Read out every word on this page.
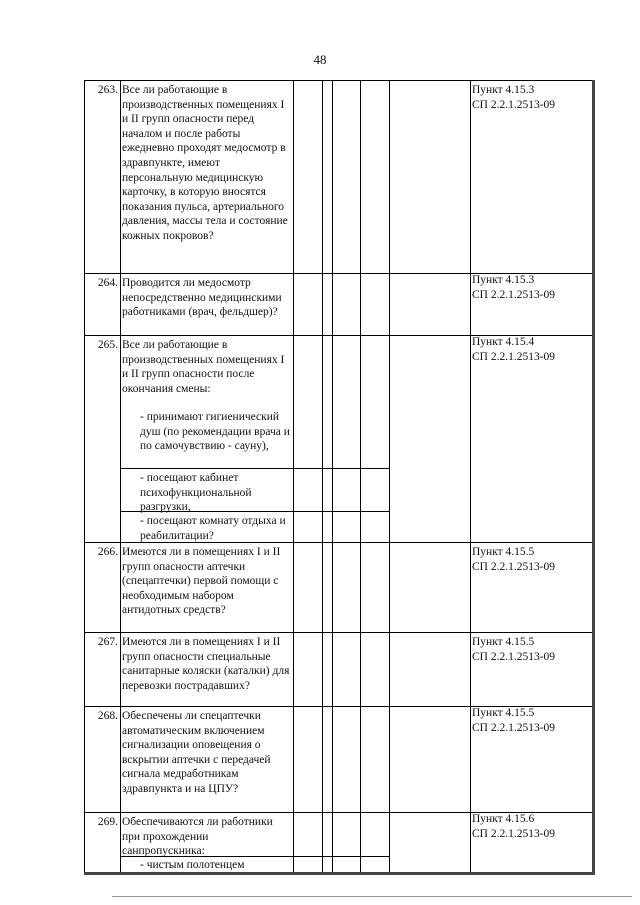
48
263. Все ли работающие в производственных помещениях I и II групп опасности перед началом и после работы ежедневно проходят медосмотр в здравпункте, имеют персональную медицинскую карточку, в которую вносятся показания пульса, артериального давления, массы тела и состояние кожных покровов?
Пункт 4.15.3
СП 2.2.1.2513-09
264. Проводится ли медосмотр непосредственно медицинскими работниками (врач, фельдшер)?
Пункт 4.15.3
СП 2.2.1.2513-09
265. Все ли работающие в производственных помещениях I и II групп опасности после окончания смены:
- принимают гигиенический душ (по рекомендации врача и по самочувствию - сауну),
- посещают кабинет психофункциональной разгрузки,
- посещают комнату отдыха и реабилитации?
Пункт 4.15.4
СП 2.2.1.2513-09
266. Имеются ли в помещениях I и II групп опасности аптечки (спецаптечки) первой помощи с необходимым набором антидотных средств?
Пункт 4.15.5
СП 2.2.1.2513-09
267. Имеются ли в помещениях I и II групп опасности специальные санитарные коляски (каталки) для перевозки пострадавших?
Пункт 4.15.5
СП 2.2.1.2513-09
268. Обеспечены ли спецаптечки автоматическим включением сигнализации оповещения о вскрытии аптечки с передачей сигнала медработникам здравпункта и на ЦПУ?
Пункт 4.15.5
СП 2.2.1.2513-09
269. Обеспечиваются ли работники при прохождении санпропускника:
- чистым полотенцем
Пункт 4.15.6
СП 2.2.1.2513-09
